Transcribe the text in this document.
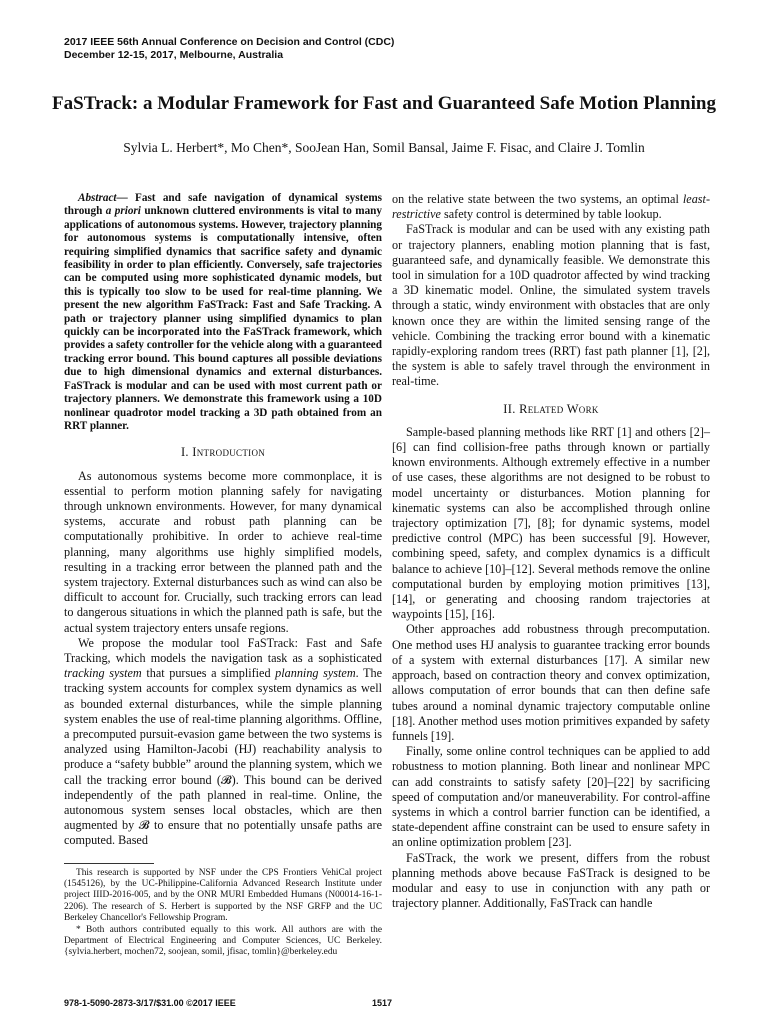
2017 IEEE 56th Annual Conference on Decision and Control (CDC)
December 12-15, 2017, Melbourne, Australia
FaSTrack: a Modular Framework for Fast and Guaranteed Safe Motion Planning
Sylvia L. Herbert*, Mo Chen*, SooJean Han, Somil Bansal, Jaime F. Fisac, and Claire J. Tomlin

Abstract— Fast and safe navigation of dynamical systems through a priori unknown cluttered environments is vital to many applications of autonomous systems. However, trajectory planning for autonomous systems is computationally intensive, often requiring simplified dynamics that sacrifice safety and dynamic feasibility in order to plan efficiently. Conversely, safe trajectories can be computed using more sophisticated dynamic models, but this is typically too slow to be used for real-time planning. We present the new algorithm FaSTrack: Fast and Safe Tracking. A path or trajectory planner using simplified dynamics to plan quickly can be incorporated into the FaSTrack framework, which provides a safety controller for the vehicle along with a guaranteed tracking error bound. This bound captures all possible deviations due to high dimensional dynamics and external disturbances. FaSTrack is modular and can be used with most current path or trajectory planners. We demonstrate this framework using a 10D nonlinear quadrotor model tracking a 3D path obtained from an RRT planner.

I. Introduction

As autonomous systems become more commonplace, it is essential to perform motion planning safely for navigating through unknown environments. However, for many dynamical systems, accurate and robust path planning can be computationally prohibitive. In order to achieve real-time planning, many algorithms use highly simplified models, resulting in a tracking error between the planned path and the system trajectory. External disturbances such as wind can also be difficult to account for. Crucially, such tracking errors can lead to dangerous situations in which the planned path is safe, but the actual system trajectory enters unsafe regions.

We propose the modular tool FaSTrack: Fast and Safe Tracking, which models the navigation task as a sophisticated tracking system that pursues a simplified planning system. The tracking system accounts for complex system dynamics as well as bounded external disturbances, while the simple planning system enables the use of real-time planning algorithms. Offline, a precomputed pursuit-evasion game between the two systems is analyzed using Hamilton-Jacobi (HJ) reachability analysis to produce a “safety bubble” around the planning system, which we call the tracking error bound (𝓑). This bound can be derived independently of the path planned in real-time. Online, the autonomous system senses local obstacles, which are then augmented by 𝓑 to ensure that no potentially unsafe paths are computed. Based

This research is supported by NSF under the CPS Frontiers VehiCal project (1545126), by the UC-Philippine-California Advanced Research Institute under project IIID-2016-005, and by the ONR MURI Embedded Humans (N00014-16-1-2206). The research of S. Herbert is supported by the NSF GRFP and the UC Berkeley Chancellor's Fellowship Program.

* Both authors contributed equally to this work. All authors are with the Department of Electrical Engineering and Computer Sciences, UC Berkeley. {sylvia.herbert, mochen72, soojean, somil, jfisac, tomlin}@berkeley.edu

on the relative state between the two systems, an optimal least-restrictive safety control is determined by table lookup.

FaSTrack is modular and can be used with any existing path or trajectory planners, enabling motion planning that is fast, guaranteed safe, and dynamically feasible. We demonstrate this tool in simulation for a 10D quadrotor affected by wind tracking a 3D kinematic model. Online, the simulated system travels through a static, windy environment with obstacles that are only known once they are within the limited sensing range of the vehicle. Combining the tracking error bound with a kinematic rapidly-exploring random trees (RRT) fast path planner [1], [2], the system is able to safely travel through the environment in real-time.

II. Related Work

Sample-based planning methods like RRT [1] and others [2]–[6] can find collision-free paths through known or partially known environments. Although extremely effective in a number of use cases, these algorithms are not designed to be robust to model uncertainty or disturbances. Motion planning for kinematic systems can also be accomplished through online trajectory optimization [7], [8]; for dynamic systems, model predictive control (MPC) has been successful [9]. However, combining speed, safety, and complex dynamics is a difficult balance to achieve [10]–[12]. Several methods remove the online computational burden by employing motion primitives [13], [14], or generating and choosing random trajectories at waypoints [15], [16].

Other approaches add robustness through precomputation. One method uses HJ analysis to guarantee tracking error bounds of a system with external disturbances [17]. A similar new approach, based on contraction theory and convex optimization, allows computation of error bounds that can then define safe tubes around a nominal dynamic trajectory computable online [18]. Another method uses motion primitives expanded by safety funnels [19].

Finally, some online control techniques can be applied to add robustness to motion planning. Both linear and nonlinear MPC can add constraints to satisfy safety [20]–[22] by sacrificing speed of computation and/or maneuverability. For control-affine systems in which a control barrier function can be identified, a state-dependent affine constraint can be used to ensure safety in an online optimization problem [23].

FaSTrack, the work we present, differs from the robust planning methods above because FaSTrack is designed to be modular and easy to use in conjunction with any path or trajectory planner. Additionally, FaSTrack can handle

978-1-5090-2873-3/17/$31.00 ©2017 IEEE	1517
